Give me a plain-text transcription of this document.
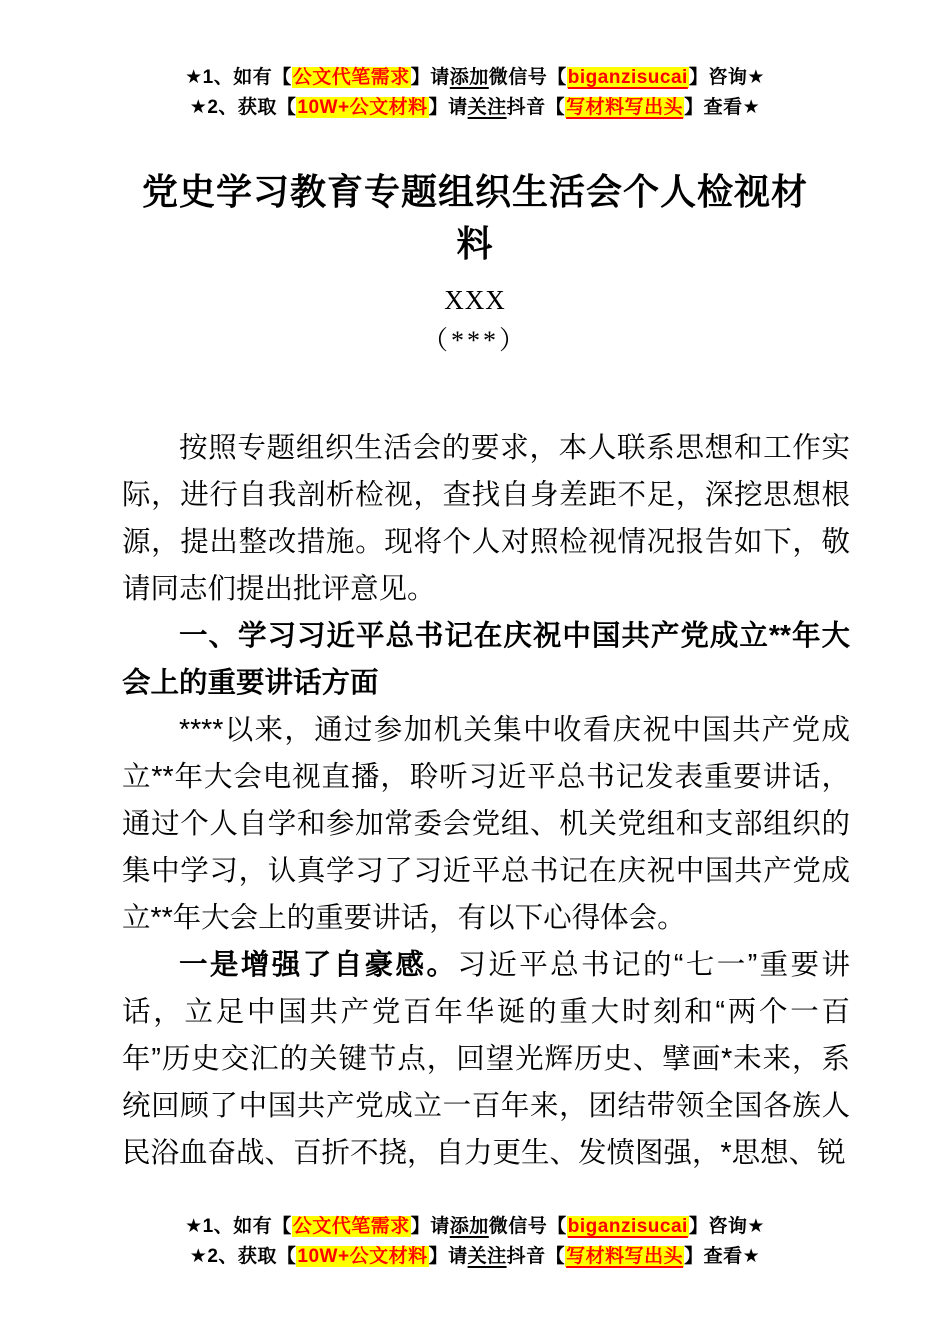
★1、如有【公文代笔需求】请添加微信号【biganzisucai】咨询★
★2、获取【10W+公文材料】请关注抖音【写材料写出头】查看★
党史学习教育专题组织生活会个人检视材料
XXX
（***）

按照专题组织生活会的要求，本人联系思想和工作实际，进行自我剖析检视，查找自身差距不足，深挖思想根源，提出整改措施。现将个人对照检视情况报告如下，敬请同志们提出批评意见。

一、学习习近平总书记在庆祝中国共产党成立**年大会上的重要讲话方面

****以来，通过参加机关集中收看庆祝中国共产党成立**年大会电视直播，聆听习近平总书记发表重要讲话，通过个人自学和参加常委会党组、机关党组和支部组织的集中学习，认真学习了习近平总书记在庆祝中国共产党成立**年大会上的重要讲话，有以下心得体会。

一是增强了自豪感。习近平总书记的“七一”重要讲话，立足中国共产党百年华诞的重大时刻和“两个一百年”历史交汇的关键节点，回望光辉历史、擘画*未来，系统回顾了中国共产党成立一百年来，团结带领全国各族人民浴血奋战、百折不挠，自力更生、发愤图强，*思想、锐

★1、如有【公文代笔需求】请添加微信号【biganzisucai】咨询★
★2、获取【10W+公文材料】请关注抖音【写材料写出头】查看★
